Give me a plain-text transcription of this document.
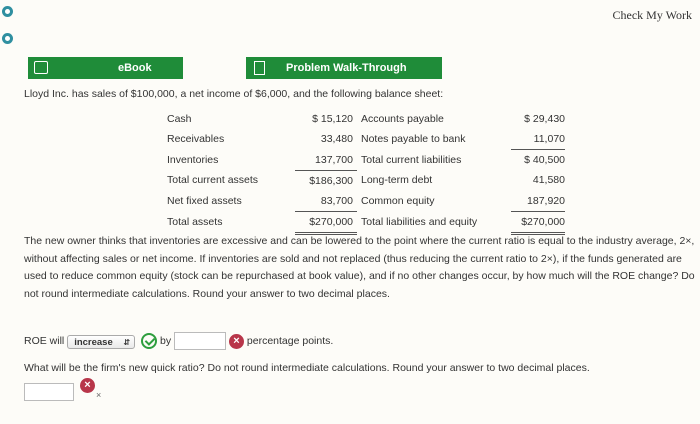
Check My Work
eBook	Problem Walk-Through
Lloyd Inc. has sales of $100,000, a net income of $6,000, and the following balance sheet:
Cash	$ 15,120	Accounts payable	$ 29,430
Receivables	33,480	Notes payable to bank	11,070
Inventories	137,700	Total current liabilities	$ 40,500
Total current assets	$186,300	Long-term debt	41,580
Net fixed assets	83,700	Common equity	187,920
Total assets	$270,000	Total liabilities and equity	$270,000
The new owner thinks that inventories are excessive and can be lowered to the point where the current ratio is equal to the industry average, 2×, without affecting sales or net income. If inventories are sold and not replaced (thus reducing the current ratio to 2×), if the funds generated are used to reduce common equity (stock can be repurchased at book value), and if no other changes occur, by how much will the ROE change? Do not round intermediate calculations. Round your answer to two decimal places.
ROE will increase ⇵	by	× percentage points.
What will be the firm's new quick ratio? Do not round intermediate calculations. Round your answer to two decimal places.
×
×
